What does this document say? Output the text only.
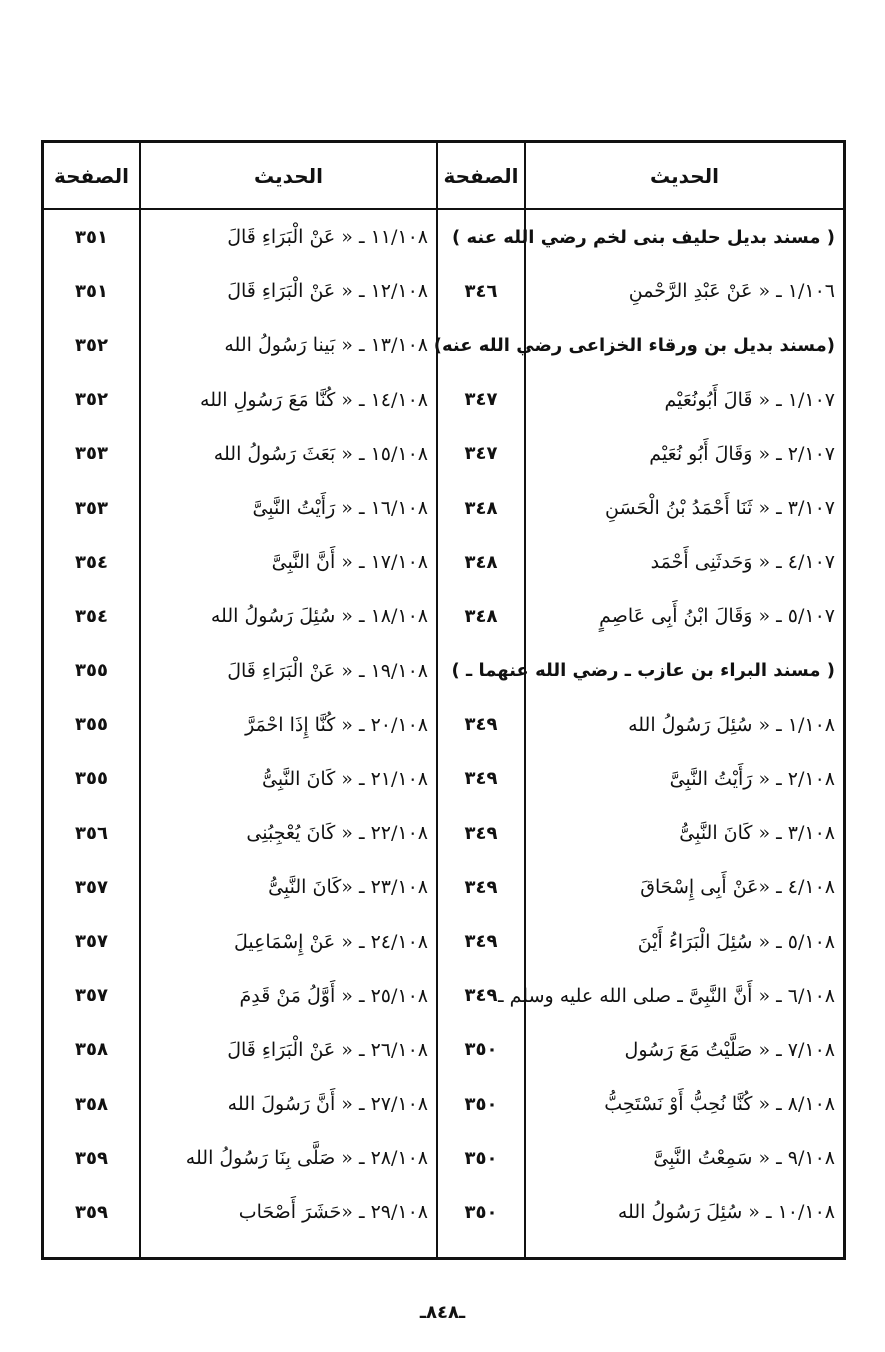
الصفحة	الحديث	الصفحة	الحديث
٣٥١	١١/١٠٨ ـ « عَنْ الْبَرَاءِ قَالَ	( مسند بديل حليف بنى لخم رضي الله عنه )
٣٥١	١٢/١٠٨ ـ « عَنْ الْبَرَاءِ قَالَ	٣٤٦	١/١٠٦ ـ « عَنْ عَبْدِ الرَّحْمنِ
٣٥٢	١٣/١٠٨ ـ « بَينا رَسُولُ الله (مسند بديل بن ورقاء الخزاعى رضي الله عنه)
٣٥٢	١٤/١٠٨ ـ « كُنَّا مَعَ رَسُولِ الله	٣٤٧	١/١٠٧ ـ « قَالَ أَبُونُعَيْم
٣٥٣	١٥/١٠٨ ـ « بَعَثَ رَسُولُ الله	٣٤٧	٢/١٠٧ ـ « وَقَالَ أَبُو نُعَيْم
٣٥٣	١٦/١٠٨ ـ « رَأَيْتُ النَّبِىَّ	٣٤٨	٣/١٠٧ ـ « ثَنَا أَحْمَدُ بْنُ الْحَسَنِ
٣٥٤	١٧/١٠٨ ـ « أَنَّ النَّبِىَّ	٣٤٨	٤/١٠٧ ـ « وَحَدثَنِى أَحْمَد
٣٥٤	١٨/١٠٨ ـ « سُئِلَ رَسُولُ الله	٣٤٨	٥/١٠٧ ـ « وَقَالَ ابْنُ أَبِى عَاصِمٍ
٣٥٥	١٩/١٠٨ ـ « عَنْ الْبَرَاءِ قَالَ	( مسند البراء بن عازب ـ رضي الله عنهما ـ )
٣٥٥	٢٠/١٠٨ ـ « كُنَّا إِذَا احْمَرَّ	٣٤٩	١/١٠٨ ـ « سُئِلَ رَسُولُ الله
٣٥٥	٢١/١٠٨ ـ « كَانَ النَّبِىُّ	٣٤٩	٢/١٠٨ ـ « رَأَيْتُ النَّبِىَّ
٣٥٦	٢٢/١٠٨ ـ « كَانَ يُعْجِبُنِى	٣٤٩	٣/١٠٨ ـ « كَانَ النَّبِىُّ
٣٥٧	٢٣/١٠٨ ـ «كَانَ النَّبِىُّ	٣٤٩	٤/١٠٨ ـ «عَنْ أَبِى إِسْحَاقَ
٣٥٧	٢٤/١٠٨ ـ « عَنْ إِسْمَاعِيلَ	٣٤٩	٥/١٠٨ ـ « سُئِلَ الْبَرَاءُ أَيْنَ
٣٥٧	٢٥/١٠٨ ـ « أَوَّلُ مَنْ قَدِمَ	٣٤٩ ٦/١٠٨ ـ « أَنَّ النَّبِىَّ ـ صلى الله عليه وسلم ـ
٣٥٨	٢٦/١٠٨ ـ « عَنْ الْبَرَاءِ قَالَ	٣٥٠	٧/١٠٨ ـ « صَلَّيْتُ مَعَ رَسُول
٣٥٨	٢٧/١٠٨ ـ « أَنَّ رَسُولَ الله	٣٥٠	٨/١٠٨ ـ « كُنَّا نُحِبُّ أَوْ نَسْتَحِبُّ
٣٥٩	٢٨/١٠٨ ـ « صَلَّى بِنَا رَسُولُ الله	٣٥٠	٩/١٠٨ ـ « سَمِعْتُ النَّبِىَّ
٣٥٩	٢٩/١٠٨ ـ «حَشَرَ أَصْحَاب	٣٥٠	١٠/١٠٨ ـ « سُئِلَ رَسُولُ الله
ـ٨٤٨ـ
